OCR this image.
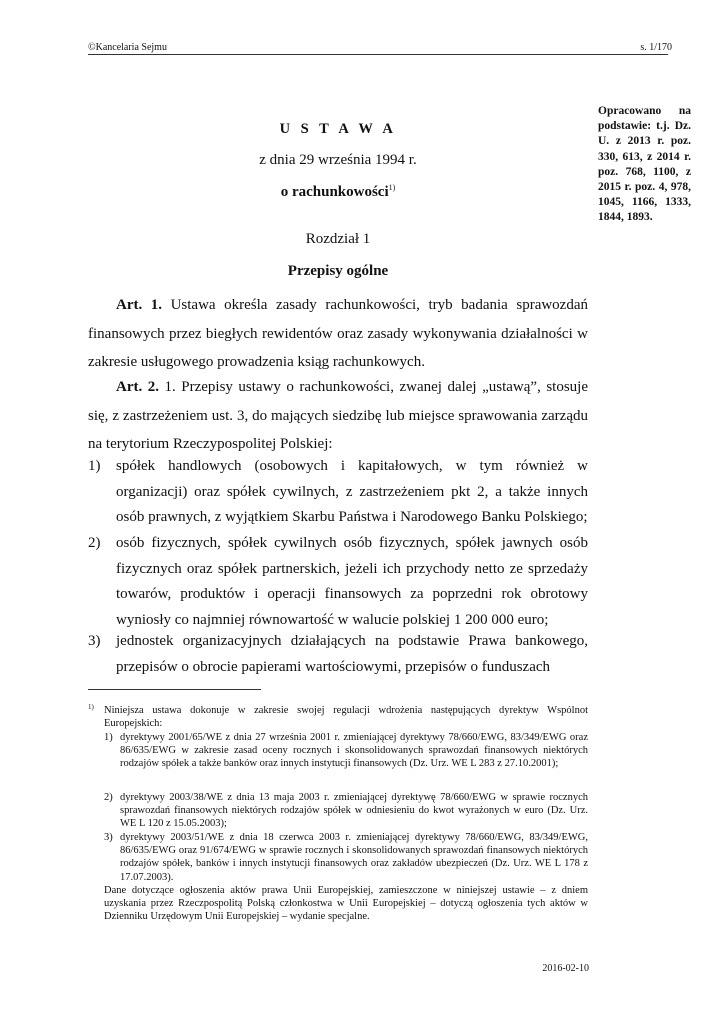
©Kancelaria Sejmu	s. 1/170
Opracowano na podstawie: t.j. Dz. U. z 2013 r. poz. 330, 613, z 2014 r. poz. 768, 1100, z 2015 r. poz. 4, 978, 1045, 1166, 1333, 1844, 1893.
U S T A W A
z dnia 29 września 1994 r.
o rachunkowości$^{1)}$
Rozdział 1
Przepisy ogólne

Art. 1. Ustawa określa zasady rachunkowości, tryb badania sprawozdań finansowych przez biegłych rewidentów oraz zasady wykonywania działalności w zakresie usługowego prowadzenia ksiąg rachunkowych.

Art. 2. 1. Przepisy ustawy o rachunkowości, zwanej dalej „ustawą”, stosuje się, z zastrzeżeniem ust. 3, do mających siedzibę lub miejsce sprawowania zarządu na terytorium Rzeczypospolitej Polskiej:

1) spółek handlowych (osobowych i kapitałowych, w tym również w organizacji) oraz spółek cywilnych, z zastrzeżeniem pkt 2, a także innych osób prawnych, z wyjątkiem Skarbu Państwa i Narodowego Banku Polskiego;
2) osób fizycznych, spółek cywilnych osób fizycznych, spółek jawnych osób fizycznych oraz spółek partnerskich, jeżeli ich przychody netto ze sprzedaży towarów, produktów i operacji finansowych za poprzedni rok obrotowy wyniosły co najmniej równowartość w walucie polskiej 1 200 000 euro;
3) jednostek organizacyjnych działających na podstawie Prawa bankowego, przepisów o obrocie papierami wartościowymi, przepisów o funduszach
1) Niniejsza ustawa dokonuje w zakresie swojej regulacji wdrożenia następujących dyrektyw Wspólnot Europejskich:
1) dyrektywy 2001/65/WE z dnia 27 września 2001 r. zmieniającej dyrektywy 78/660/EWG, 83/349/EWG oraz 86/635/EWG w zakresie zasad oceny rocznych i skonsolidowanych sprawozdań finansowych niektórych rodzajów spółek a także banków oraz innych instytucji finansowych (Dz. Urz. WE L 283 z 27.10.2001);
2) dyrektywy 2003/38/WE z dnia 13 maja 2003 r. zmieniającej dyrektywę 78/660/EWG w sprawie rocznych sprawozdań finansowych niektórych rodzajów spółek w odniesieniu do kwot wyrażonych w euro (Dz. Urz. WE L 120 z 15.05.2003);
3) dyrektywy 2003/51/WE z dnia 18 czerwca 2003 r. zmieniającej dyrektywy 78/660/EWG, 83/349/EWG, 86/635/EWG oraz 91/674/EWG w sprawie rocznych i skonsolidowanych sprawozdań finansowych niektórych rodzajów spółek, banków i innych instytucji finansowych oraz zakładów ubezpieczeń (Dz. Urz. WE L 178 z 17.07.2003).
Dane dotyczące ogłoszenia aktów prawa Unii Europejskiej, zamieszczone w niniejszej ustawie – z dniem uzyskania przez Rzeczpospolitą Polską członkostwa w Unii Europejskiej – dotyczą ogłoszenia tych aktów w Dzienniku Urzędowym Unii Europejskiej – wydanie specjalne.
2016-02-10
